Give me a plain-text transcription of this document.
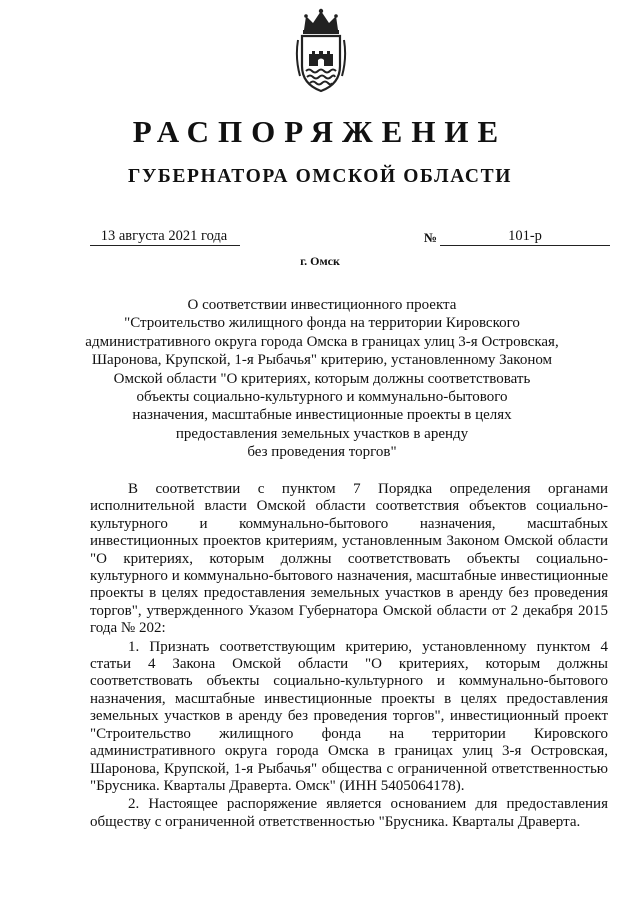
РАСПОРЯЖЕНИЕ
ГУБЕРНАТОРА ОМСКОЙ ОБЛАСТИ
13 августа 2021 года	№	101-р
г. Омск
О соответствии инвестиционного проекта
"Строительство жилищного фонда на территории Кировского
административного округа города Омска в границах улиц 3-я Островская,
Шаронова, Крупской, 1-я Рыбачья" критерию, установленному Законом
Омской области "О критериях, которым должны соответствовать
объекты социально-культурного и коммунально-бытового
назначения, масштабные инвестиционные проекты в целях
предоставления земельных участков в аренду
без проведения торгов"

В соответствии с пунктом 7 Порядка определения органами исполнительной власти Омской области соответствия объектов социально-культурного и коммунально-бытового назначения, масштабных инвестиционных проектов критериям, установленным Законом Омской области "О критериях, которым должны соответствовать объекты социально-культурного и коммунально-бытового назначения, масштабные инвестиционные проекты в целях предоставления земельных участков в аренду без проведения торгов", утвержденного Указом Губернатора Омской области от 2 декабря 2015 года № 202:

1. Признать соответствующим критерию, установленному пунктом 4 статьи 4 Закона Омской области "О критериях, которым должны соответствовать объекты социально-культурного и коммунально-бытового назначения, масштабные инвестиционные проекты в целях предоставления земельных участков в аренду без проведения торгов", инвестиционный проект "Строительство жилищного фонда на территории Кировского административного округа города Омска в границах улиц 3-я Островская, Шаронова, Крупской, 1-я Рыбачья" общества с ограниченной ответственностью "Брусника. Кварталы Драверта. Омск" (ИНН 5405064178).

2. Настоящее распоряжение является основанием для предоставления обществу с ограниченной ответственностью "Брусника. Кварталы Драверта.
